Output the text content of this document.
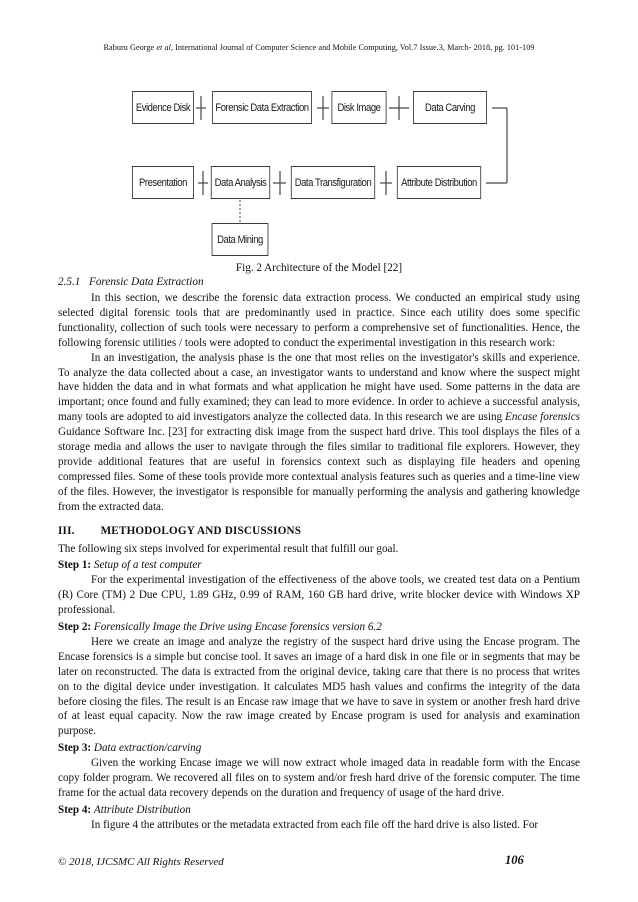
Raburu George et al, International Journal of Computer Science and Mobile Computing, Vol.7 Issue.3, March- 2018, pg. 101-109
Evidence Disk Forensic Data Extraction	Disk Image	Data Carving
Presentation	Data Analysis	Data Transfiguration	Attribute Distribution
Data Mining
Fig. 2 Architecture of the Model [22]
2.5.1 Forensic Data Extraction

In this section, we describe the forensic data extraction process. We conducted an empirical study using selected digital forensic tools that are predominantly used in practice. Since each utility does some specific functionality, collection of such tools were necessary to perform a comprehensive set of functionalities. Hence, the following forensic utilities / tools were adopted to conduct the experimental investigation in this research work:

In an investigation, the analysis phase is the one that most relies on the investigator's skills and experience. To analyze the data collected about a case, an investigator wants to understand and know where the suspect might have hidden the data and in what formats and what application he might have used. Some patterns in the data are important; once found and fully examined; they can lead to more evidence. In order to achieve a successful analysis, many tools are adopted to aid investigators analyze the collected data. In this research we are using Encase forensics Guidance Software Inc. [23] for extracting disk image from the suspect hard drive. This tool displays the files of a storage media and allows the user to navigate through the files similar to traditional file explorers. However, they provide additional features that are useful in forensics context such as displaying file headers and opening compressed files. Some of these tools provide more contextual analysis features such as queries and a time-line view of the files. However, the investigator is responsible for manually performing the analysis and gathering knowledge from the extracted data.

III. METHODOLOGY AND DISCUSSIONS

The following six steps involved for experimental result that fulfill our goal.

Step 1: Setup of a test computer

For the experimental investigation of the effectiveness of the above tools, we created test data on a Pentium (R) Core (TM) 2 Due CPU, 1.89 GHz, 0.99 of RAM, 160 GB hard drive, write blocker device with Windows XP professional.

Step 2: Forensically Image the Drive using Encase forensics version 6.2

Here we create an image and analyze the registry of the suspect hard drive using the Encase program. The Encase forensics is a simple but concise tool. It saves an image of a hard disk in one file or in segments that may be later on reconstructed. The data is extracted from the original device, taking care that there is no process that writes on to the digital device under investigation. It calculates MD5 hash values and confirms the integrity of the data before closing the files. The result is an Encase raw image that we have to save in system or another fresh hard drive of at least equal capacity. Now the raw image created by Encase program is used for analysis and examination purpose.

Step 3: Data extraction/carving

Given the working Encase image we will now extract whole imaged data in readable form with the Encase copy folder program. We recovered all files on to system and/or fresh hard drive of the forensic computer. The time frame for the actual data recovery depends on the duration and frequency of usage of the hard drive.

Step 4: Attribute Distribution

In figure 4 the attributes or the metadata extracted from each file off the hard drive is also listed. For

© 2018, IJCSMC All Rights Reserved	106
